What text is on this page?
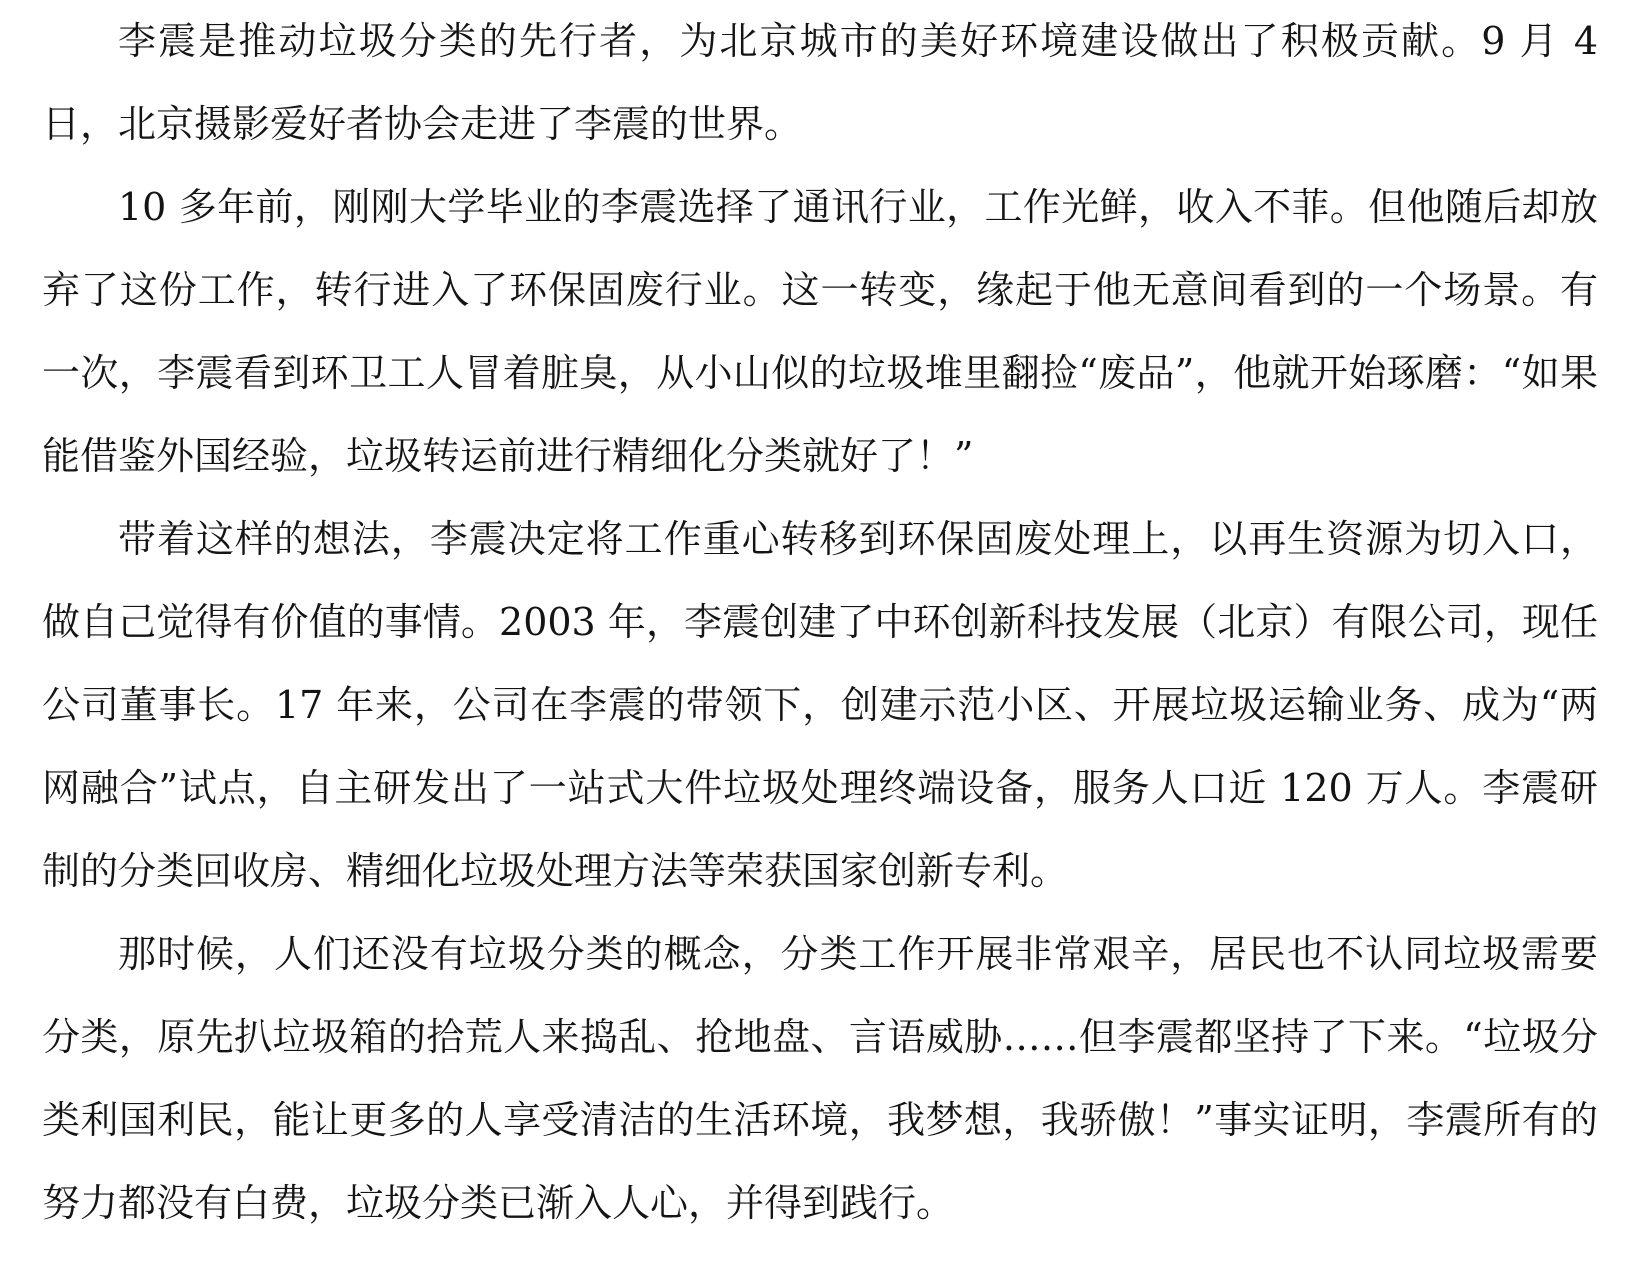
李震是推动垃圾分类的先行者，为北京城市的美好环境建设做出了积极贡献。9 月 4 日，北京摄影爱好者协会走进了李震的世界。

10 多年前，刚刚大学毕业的李震选择了通讯行业，工作光鲜，收入不菲。但他随后却放弃了这份工作，转行进入了环保固废行业。这一转变，缘起于他无意间看到的一个场景。有一次，李震看到环卫工人冒着脏臭，从小山似的垃圾堆里翻捡“废品”，他就开始琢磨：“如果能借鉴外国经验，垃圾转运前进行精细化分类就好了！”

带着这样的想法，李震决定将工作重心转移到环保固废处理上，以再生资源为切入口，做自己觉得有价值的事情。2003 年，李震创建了中环创新科技发展（北京）有限公司，现任公司董事长。17 年来，公司在李震的带领下，创建示范小区、开展垃圾运输业务、成为“两网融合”试点，自主研发出了一站式大件垃圾处理终端设备，服务人口近 120 万人。李震研制的分类回收房、精细化垃圾处理方法等荣获国家创新专利。

那时候，人们还没有垃圾分类的概念，分类工作开展非常艰辛，居民也不认同垃圾需要分类，原先扒垃圾箱的拾荒人来捣乱、抢地盘、言语威胁……但李震都坚持了下来。“垃圾分类利国利民，能让更多的人享受清洁的生活环境，我梦想，我骄傲！”事实证明，李震所有的努力都没有白费，垃圾分类已渐入人心，并得到践行。
